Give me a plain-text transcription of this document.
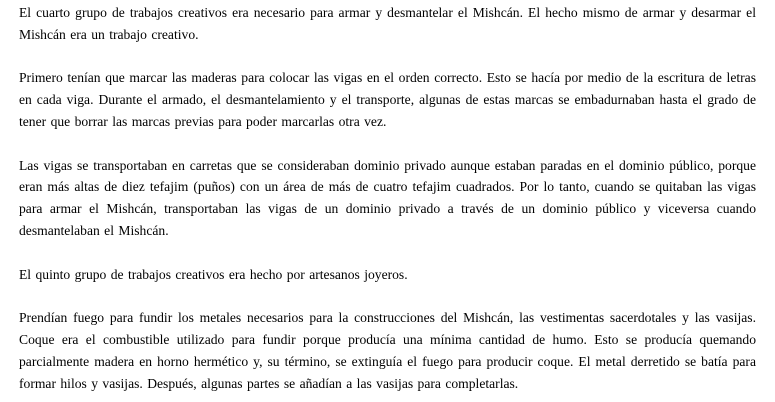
El cuarto grupo de trabajos creativos era necesario para armar y desmantelar el Mishcán. El hecho mismo de armar y desarmar el Mishcán era un trabajo creativo.

Primero tenían que marcar las maderas para colocar las vigas en el orden correcto. Esto se hacía por medio de la escritura de letras en cada viga. Durante el armado, el desmantelamiento y el transporte, algunas de estas marcas se embadurnaban hasta el grado de tener que borrar las marcas previas para poder marcarlas otra vez.

Las vigas se transportaban en carretas que se consideraban dominio privado aunque estaban paradas en el dominio público, porque eran más altas de diez tefajim (puños) con un área de más de cuatro tefajim cuadrados. Por lo tanto, cuando se quitaban las vigas para armar el Mishcán, transportaban las vigas de un dominio privado a través de un dominio público y viceversa cuando desmantelaban el Mishcán.

El quinto grupo de trabajos creativos era hecho por artesanos joyeros.

Prendían fuego para fundir los metales necesarios para la construcciones del Mishcán, las vestimentas sacerdotales y las vasijas. Coque era el combustible utilizado para fundir porque producía una mínima cantidad de humo. Esto se producía quemando parcialmente madera en horno hermético y, su término, se extinguía el fuego para producir coque. El metal derretido se batía para formar hilos y vasijas. Después, algunas partes se añadían a las vasijas para completarlas.
